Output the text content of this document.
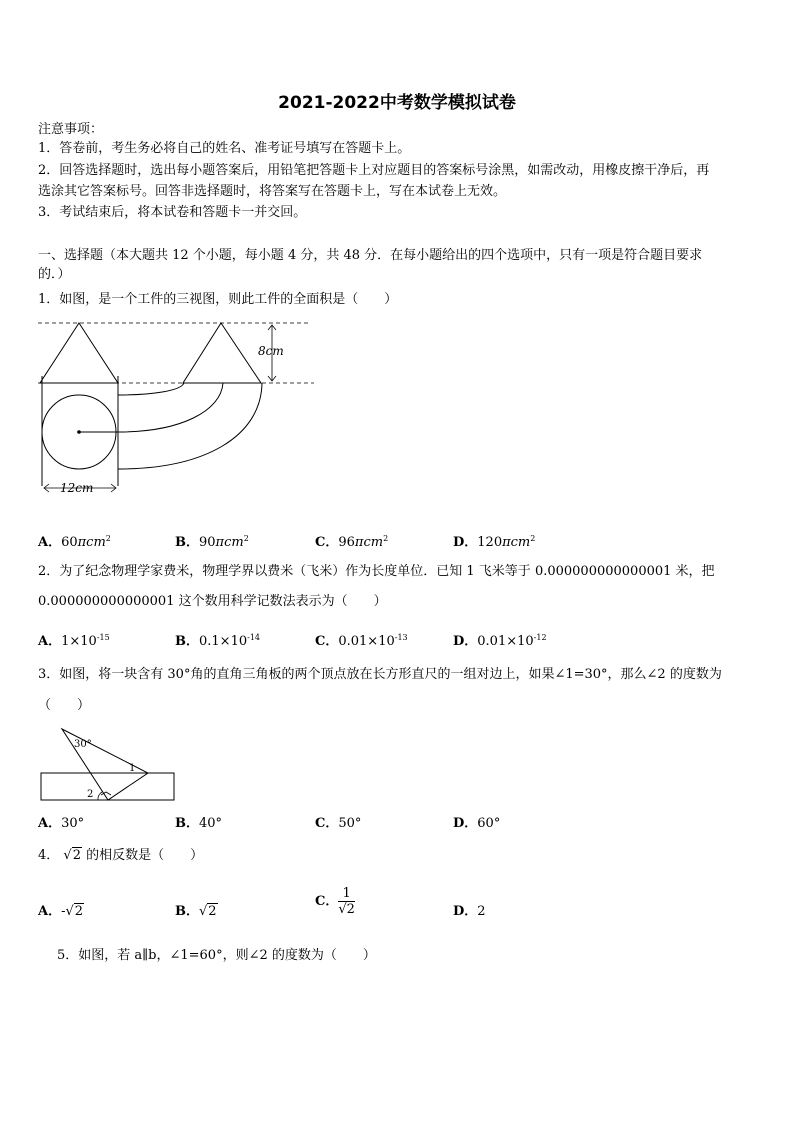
2021-2022中考数学模拟试卷
注意事项：
1．答卷前，考生务必将自己的姓名、准考证号填写在答题卡上。
2．回答选择题时，选出每小题答案后，用铅笔把答题卡上对应题目的答案标号涂黑，如需改动，用橡皮擦干净后，再
选涂其它答案标号。回答非选择题时，将答案写在答题卡上，写在本试卷上无效。
3．考试结束后，将本试卷和答题卡一并交回。
一、选择题（本大题共 12 个小题，每小题 4 分，共 48 分．在每小题给出的四个选项中，只有一项是符合题目要求
的．）
1．如图，是一个工件的三视图，则此工件的全面积是（　　）
8cm
12cm
A．60πcm$^2$	B．90πcm$^2$	C．96πcm$^2$	D．120πcm$^2$
2．为了纪念物理学家费米，物理学界以费米（飞米）作为长度单位．已知 1 飞米等于 0.000000000000001 米，把
0.000000000000001 这个数用科学记数法表示为（　　）
A．$1\times 10^{-15}$	B．$0.1\times 10^{-14}$	C．$0.01\times 10^{-13}$	D．$0.01\times 10^{-12}$
3．如图，将一块含有 30°角的直角三角板的两个顶点放在长方形直尺的一组对边上，如果∠1=30°，那么∠2 的度数为
（　　）
30°
1
2
A．30°	B．40°	C．50°	D．60°
4． √2 的相反数是（　　）
A．-√2	B．√2
C． $\frac{1}{√2}$	D．2
5．如图，若 a∥b，∠1=60°，则∠2 的度数为（　　）
